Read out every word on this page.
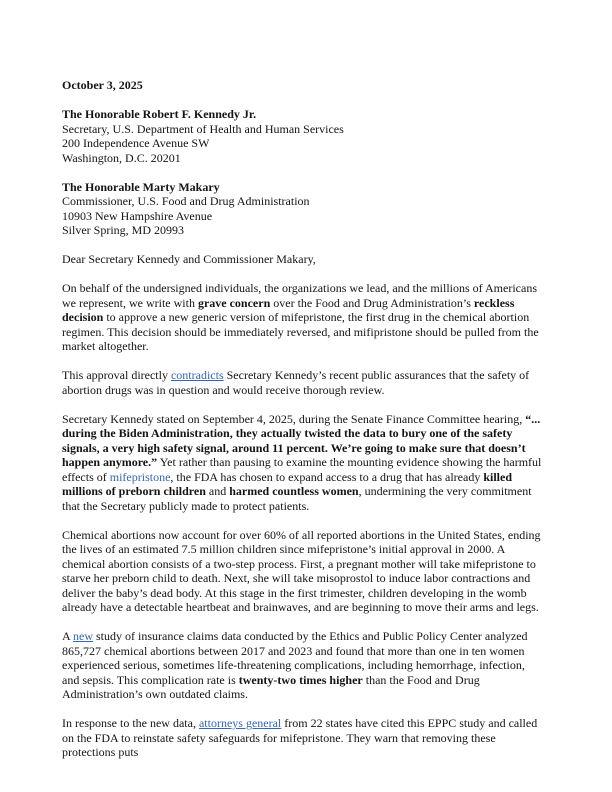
October 3, 2025
The Honorable Robert F. Kennedy Jr.
Secretary, U.S. Department of Health and Human Services
200 Independence Avenue SW
Washington, D.C. 20201
The Honorable Marty Makary
Commissioner, U.S. Food and Drug Administration
10903 New Hampshire Avenue
Silver Spring, MD 20993
Dear Secretary Kennedy and Commissioner Makary,

On behalf of the undersigned individuals, the organizations we lead, and the millions of Americans we represent, we write with grave concern over the Food and Drug Administration’s reckless decision to approve a new generic version of mifepristone, the first drug in the chemical abortion regimen. This decision should be immediately reversed, and mifipristone should be pulled from the market altogether.

This approval directly contradicts Secretary Kennedy’s recent public assurances that the safety of abortion drugs was in question and would receive thorough review.

Secretary Kennedy stated on September 4, 2025, during the Senate Finance Committee hearing, “... during the Biden Administration, they actually twisted the data to bury one of the safety signals, a very high safety signal, around 11 percent. We’re going to make sure that doesn’t happen anymore.” Yet rather than pausing to examine the mounting evidence showing the harmful effects of mifepristone, the FDA has chosen to expand access to a drug that has already killed millions of preborn children and harmed countless women, undermining the very commitment that the Secretary publicly made to protect patients.

Chemical abortions now account for over 60% of all reported abortions in the United States, ending the lives of an estimated 7.5 million children since mifepristone’s initial approval in 2000. A chemical abortion consists of a two-step process. First, a pregnant mother will take mifepristone to starve her preborn child to death. Next, she will take misoprostol to induce labor contractions and deliver the baby’s dead body. At this stage in the first trimester, children developing in the womb already have a detectable heartbeat and brainwaves, and are beginning to move their arms and legs.

A new study of insurance claims data conducted by the Ethics and Public Policy Center analyzed 865,727 chemical abortions between 2017 and 2023 and found that more than one in ten women experienced serious, sometimes life-threatening complications, including hemorrhage, infection, and sepsis. This complication rate is twenty-two times higher than the Food and Drug Administration’s own outdated claims.

In response to the new data, attorneys general from 22 states have cited this EPPC study and called on the FDA to reinstate safety safeguards for mifepristone. They warn that removing these protections puts
